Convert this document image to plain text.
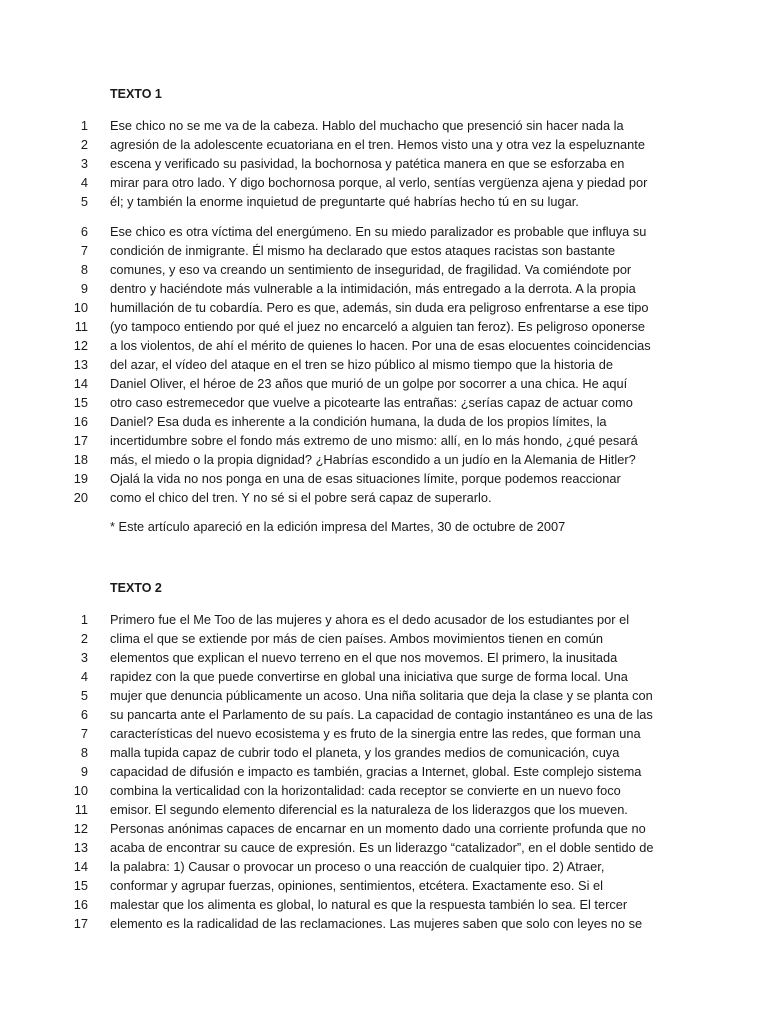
TEXTO 1
1 Ese chico no se me va de la cabeza. Hablo del muchacho que presenció sin hacer nada la
2 agresión de la adolescente ecuatoriana en el tren. Hemos visto una y otra vez la espeluznante
3 escena y verificado su pasividad, la bochornosa y patética manera en que se esforzaba en
4 mirar para otro lado. Y digo bochornosa porque, al verlo, sentías vergüenza ajena y piedad por
5 él; y también la enorme inquietud de preguntarte qué habrías hecho tú en su lugar.
6 Ese chico es otra víctima del energúmeno. En su miedo paralizador es probable que influya su
7 condición de inmigrante. Él mismo ha declarado que estos ataques racistas son bastante
8 comunes, y eso va creando un sentimiento de inseguridad, de fragilidad. Va comiéndote por
9 dentro y haciéndote más vulnerable a la intimidación, más entregado a la derrota. A la propia
10 humillación de tu cobardía. Pero es que, además, sin duda era peligroso enfrentarse a ese tipo
11 (yo tampoco entiendo por qué el juez no encarceló a alguien tan feroz). Es peligroso oponerse
12 a los violentos, de ahí el mérito de quienes lo hacen. Por una de esas elocuentes coincidencias
13 del azar, el vídeo del ataque en el tren se hizo público al mismo tiempo que la historia de
14 Daniel Oliver, el héroe de 23 años que murió de un golpe por socorrer a una chica. He aquí
15 otro caso estremecedor que vuelve a picotearte las entrañas: ¿serías capaz de actuar como
16 Daniel? Esa duda es inherente a la condición humana, la duda de los propios límites, la
17 incertidumbre sobre el fondo más extremo de uno mismo: allí, en lo más hondo, ¿qué pesará
18 más, el miedo o la propia dignidad? ¿Habrías escondido a un judío en la Alemania de Hitler?
19 Ojalá la vida no nos ponga en una de esas situaciones límite, porque podemos reaccionar
20 como el chico del tren. Y no sé si el pobre será capaz de superarlo.
* Este artículo apareció en la edición impresa del Martes, 30 de octubre de 2007
TEXTO 2
1 Primero fue el Me Too de las mujeres y ahora es el dedo acusador de los estudiantes por el
2 clima el que se extiende por más de cien países. Ambos movimientos tienen en común
3 elementos que explican el nuevo terreno en el que nos movemos. El primero, la inusitada
4 rapidez con la que puede convertirse en global una iniciativa que surge de forma local. Una
5 mujer que denuncia públicamente un acoso. Una niña solitaria que deja la clase y se planta con
6 su pancarta ante el Parlamento de su país. La capacidad de contagio instantáneo es una de las
7 características del nuevo ecosistema y es fruto de la sinergia entre las redes, que forman una
8 malla tupida capaz de cubrir todo el planeta, y los grandes medios de comunicación, cuya
9 capacidad de difusión e impacto es también, gracias a Internet, global. Este complejo sistema
10 combina la verticalidad con la horizontalidad: cada receptor se convierte en un nuevo foco
11 emisor. El segundo elemento diferencial es la naturaleza de los liderazgos que los mueven.
12 Personas anónimas capaces de encarnar en un momento dado una corriente profunda que no
13 acaba de encontrar su cauce de expresión. Es un liderazgo “catalizador”, en el doble sentido de
14 la palabra: 1) Causar o provocar un proceso o una reacción de cualquier tipo. 2) Atraer,
15 conformar y agrupar fuerzas, opiniones, sentimientos, etcétera. Exactamente eso. Si el
16 malestar que los alimenta es global, lo natural es que la respuesta también lo sea. El tercer
17 elemento es la radicalidad de las reclamaciones. Las mujeres saben que solo con leyes no se
